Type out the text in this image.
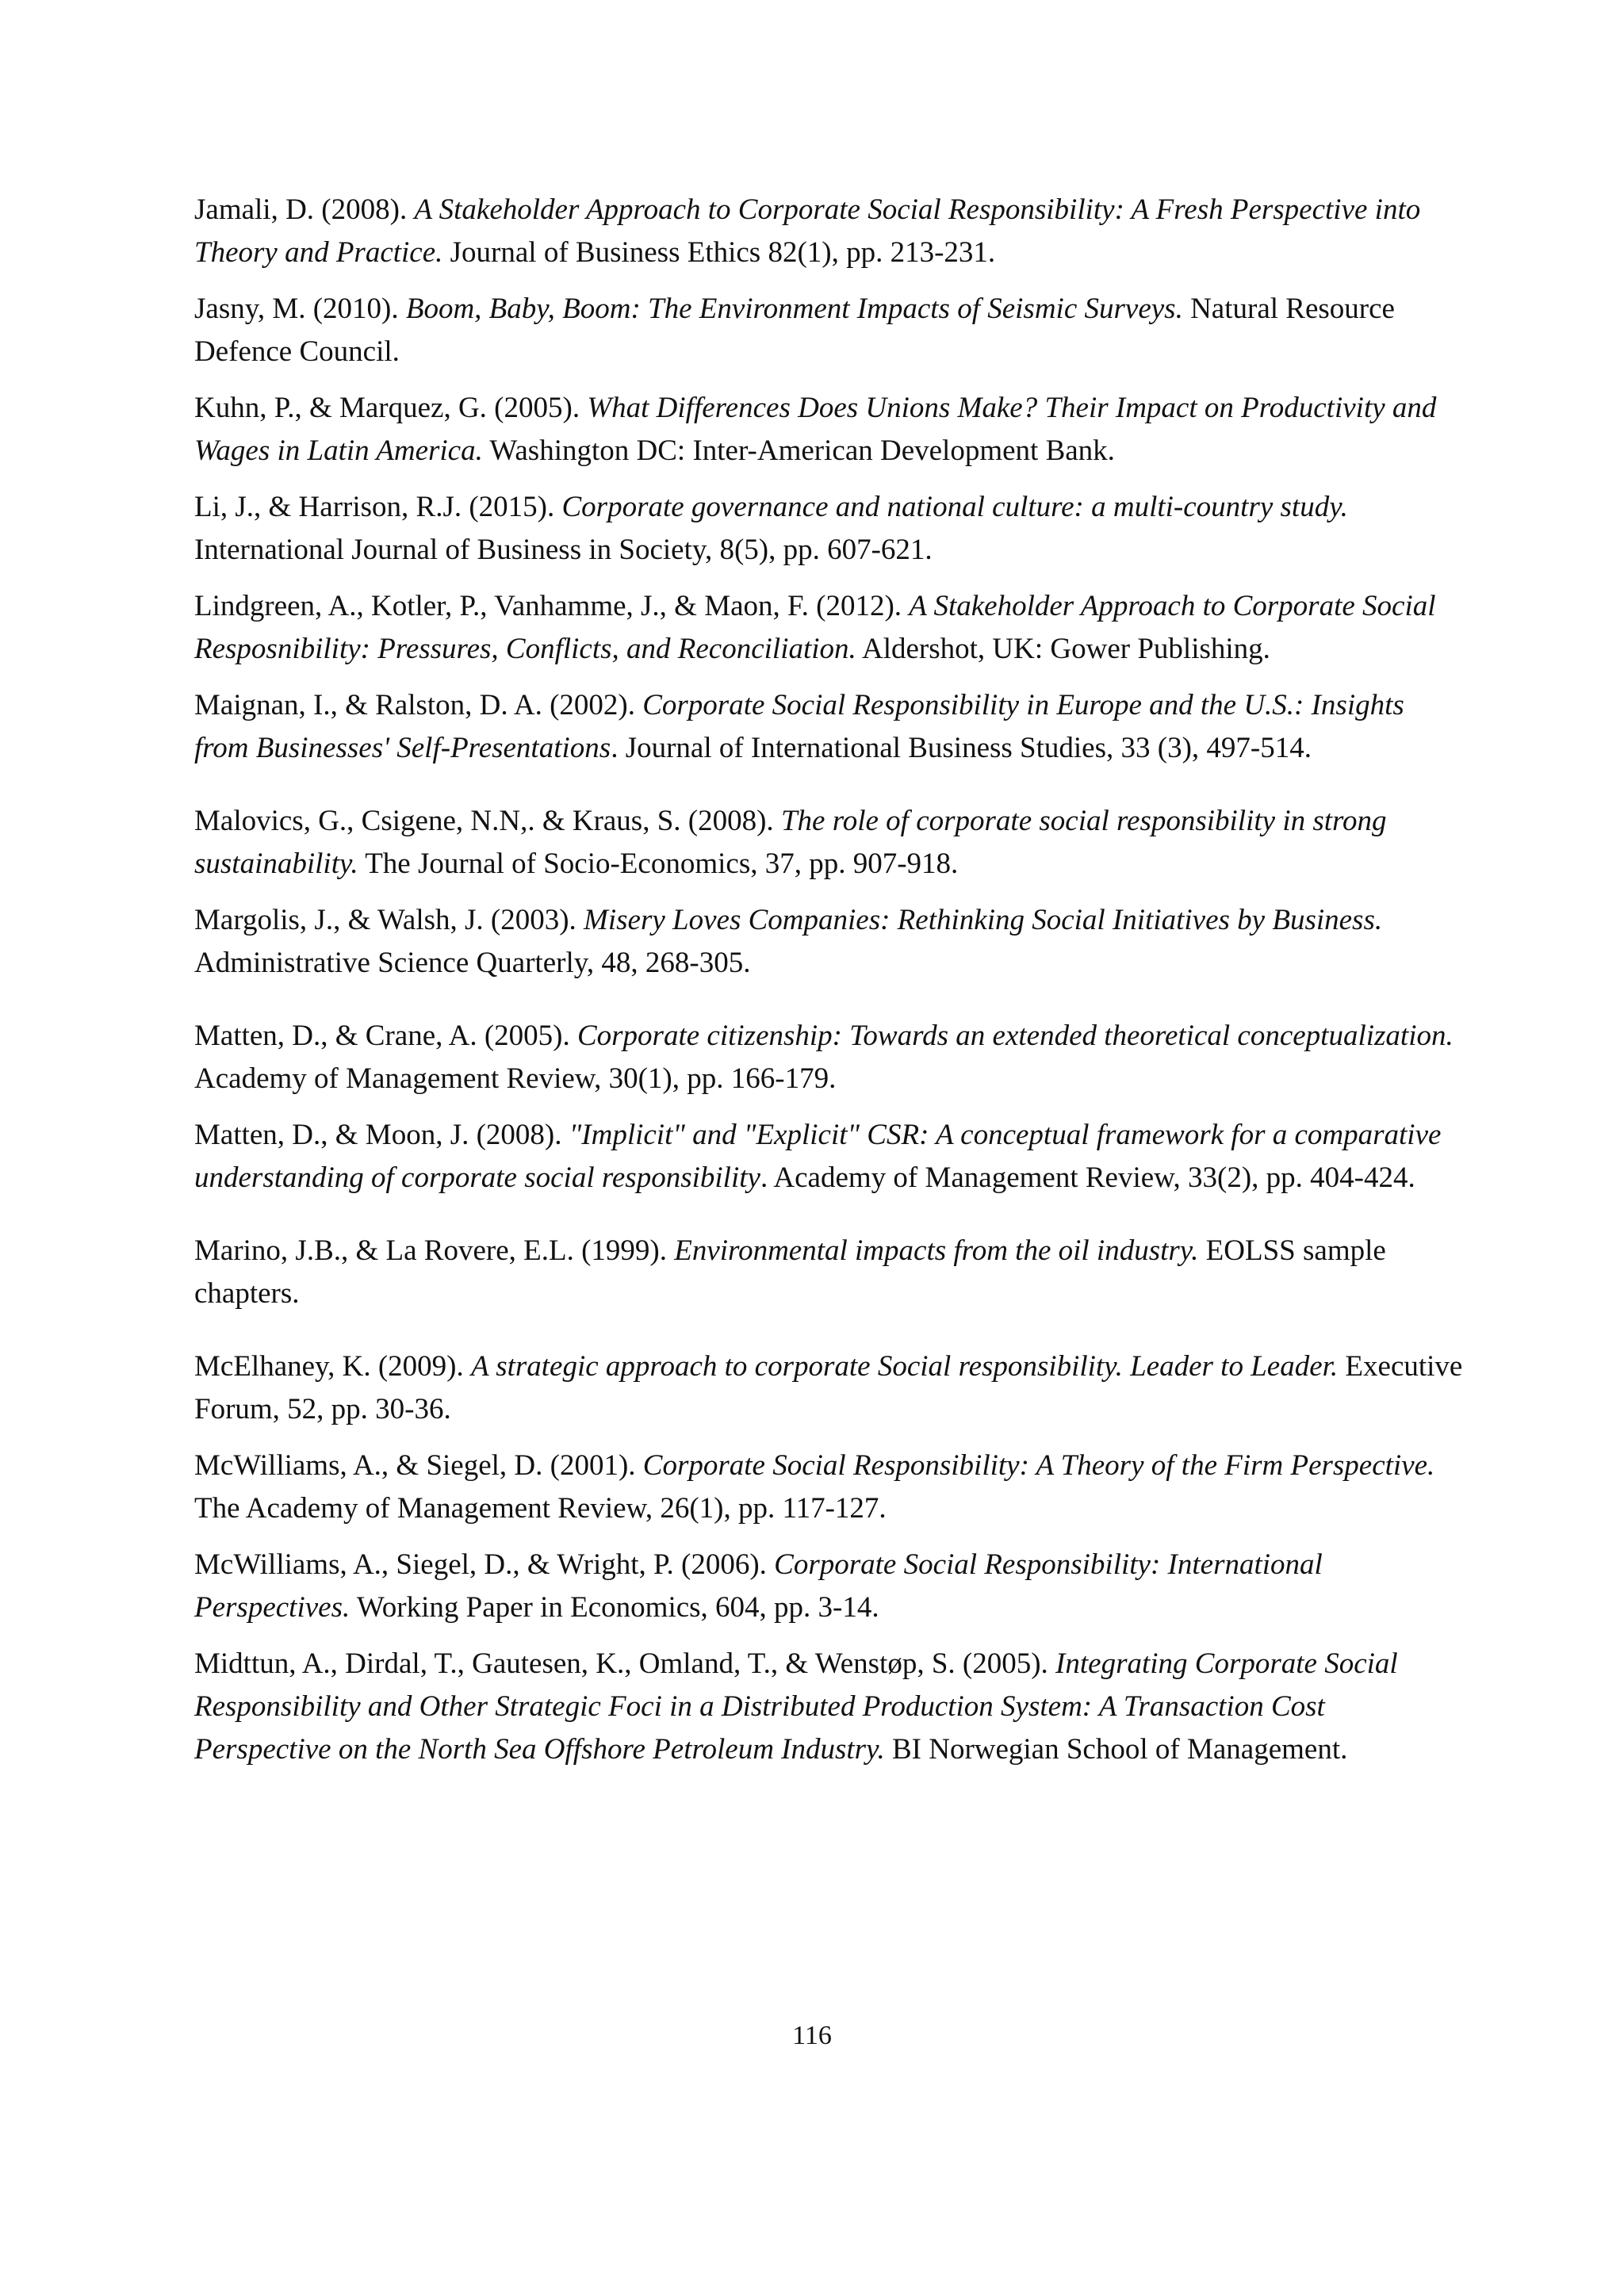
Jamali, D. (2008). A Stakeholder Approach to Corporate Social Responsibility: A Fresh Perspective into Theory and Practice. Journal of Business Ethics 82(1), pp. 213-231.

Jasny, M. (2010). Boom, Baby, Boom: The Environment Impacts of Seismic Surveys. Natural Resource Defence Council.

Kuhn, P., & Marquez, G. (2005). What Differences Does Unions Make? Their Impact on Productivity and Wages in Latin America. Washington DC: Inter-American Development Bank.

Li, J., & Harrison, R.J. (2015). Corporate governance and national culture: a multi-country study. International Journal of Business in Society, 8(5), pp. 607-621.

Lindgreen, A., Kotler, P., Vanhamme, J., & Maon, F. (2012). A Stakeholder Approach to Corporate Social Resposnibility: Pressures, Conflicts, and Reconciliation. Aldershot, UK: Gower Publishing.

Maignan, I., & Ralston, D. A. (2002). Corporate Social Responsibility in Europe and the U.S.: Insights from Businesses' Self-Presentations. Journal of International Business Studies, 33 (3), 497-514.

Malovics, G., Csigene, N.N,. & Kraus, S. (2008). The role of corporate social responsibility in strong sustainability. The Journal of Socio-Economics, 37, pp. 907-918.

Margolis, J., & Walsh, J. (2003). Misery Loves Companies: Rethinking Social Initiatives by Business. Administrative Science Quarterly, 48, 268-305.

Matten, D., & Crane, A. (2005). Corporate citizenship: Towards an extended theoretical conceptualization. Academy of Management Review, 30(1), pp. 166-179.

Matten, D., & Moon, J. (2008). "Implicit" and "Explicit" CSR: A conceptual framework for a comparative understanding of corporate social responsibility. Academy of Management Review, 33(2), pp. 404-424.

Marino, J.B., & La Rovere, E.L. (1999). Environmental impacts from the oil industry. EOLSS sample chapters.

McElhaney, K. (2009). A strategic approach to corporate Social responsibility. Leader to Leader. Executive Forum, 52, pp. 30-36.

McWilliams, A., & Siegel, D. (2001). Corporate Social Responsibility: A Theory of the Firm Perspective. The Academy of Management Review, 26(1), pp. 117-127.

McWilliams, A., Siegel, D., & Wright, P. (2006). Corporate Social Responsibility: International Perspectives. Working Paper in Economics, 604, pp. 3-14.

Midttun, A., Dirdal, T., Gautesen, K., Omland, T., & Wenstøp, S. (2005). Integrating Corporate Social Responsibility and Other Strategic Foci in a Distributed Production System: A Transaction Cost Perspective on the North Sea Offshore Petroleum Industry. BI Norwegian School of Management.

116
